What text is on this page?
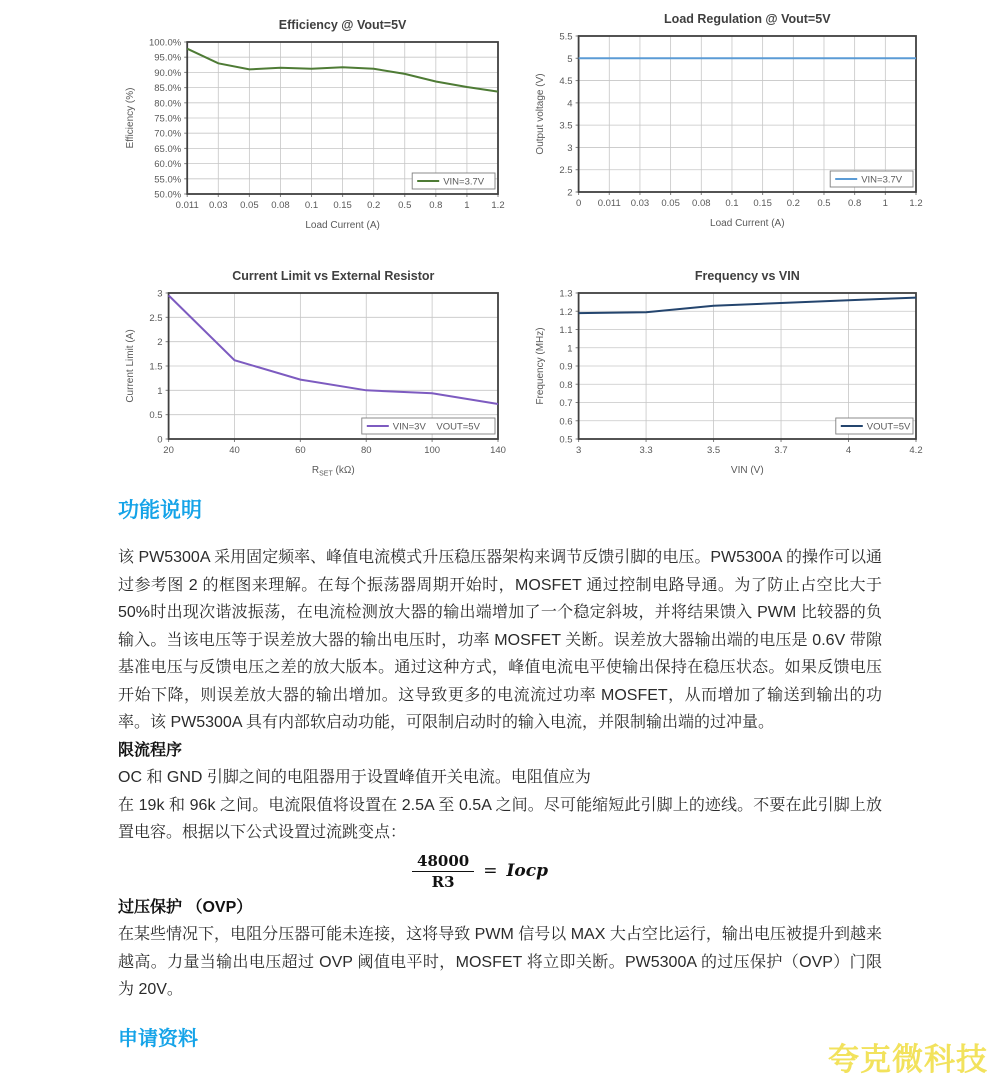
0.011 0.03 0.05 0.08 0.1 0.15 0.2 0.5 0.8 1 1.2
50.0%
55.0%
60.0%
65.0%
70.0%
75.0%
80.0%
85.0%
90.0%
95.0%
100.0%
Efficiency @ Vout=5V
Load Current (A)
Efficiency (%)
VIN=3.7V
0 0.011 0.03 0.05 0.08 0.1 0.15 0.2 0.5 0.8 1 1.2
2
2.5
3
3.5
4
4.5
5
5.5
Load Regulation @ Vout=5V
Load Current (A)
Output voltage (V)
VIN=3.7V
20	40	60	80	100	140
0
0.5
1
1.5
2
2.5
3
Current Limit vs External Resistor
$R_{SET}$ (kΩ)
Current Limit (A)
VIN=3V    VOUT=5V
3	3.3	3.5	3.7	4	4.2
0.5
0.6
0.7
0.8
0.9
1
1.1
1.2
1.3
Frequency vs VIN
VIN (V)
Frequency (MHz)
VOUT=5V
功能说明

该 PW5300A 采用固定频率、峰值电流模式升压稳压器架构来调节反馈引脚的电压。PW5300A 的操作可以通过参考图 2 的框图来理解。在每个振荡器周期开始时，MOSFET 通过控制电路导通。为了防止占空比大于 50%时出现次谐波振荡，在电流检测放大器的输出端增加了一个稳定斜坡，并将结果馈入 PWM 比较器的负输入。当该电压等于误差放大器的输出电压时，功率 MOSFET 关断。误差放大器输出端的电压是 0.6V 带隙基准电压与反馈电压之差的放大版本。通过这种方式，峰值电流电平使输出保持在稳压状态。如果反馈电压开始下降，则误差放大器的输出增加。这导致更多的电流流过功率 MOSFET，从而增加了输送到输出的功率。该 PW5300A 具有内部软启动功能，可限制启动时的输入电流，并限制输出端的过冲量。

限流程序

OC 和 GND 引脚之间的电阻器用于设置峰值开关电流。电阻值应为

在 19k 和 96k 之间。电流限值将设置在 2.5A 至 0.5A 之间。尽可能缩短此引脚上的迹线。不要在此引脚上放置电容。根据以下公式设置过流跳变点：

$\frac{48000}{R3}$ = Iocp
过压保护 （OVP）

在某些情况下，电阻分压器可能未连接，这将导致 PWM 信号以 MAX 大占空比运行，输出电压被提升到越来越高。力量当输出电压超过 OVP 阈值电平时，MOSFET 将立即关断。PW5300A 的过压保护（OVP）门限为 20V。

申请资料
夸克微科技
